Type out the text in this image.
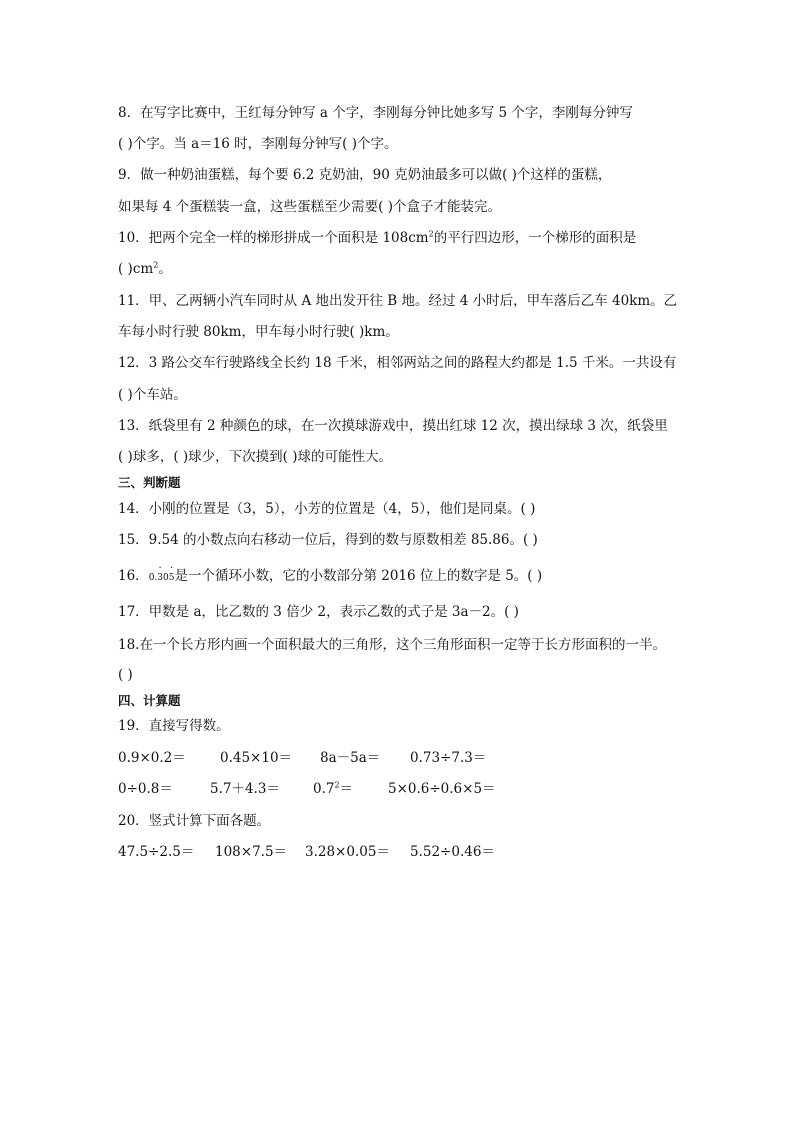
8．在写字比赛中，王红每分钟写 a 个字，李刚每分钟比她多写 5 个字，李刚每分钟写
( )个字。当 a＝16 时，李刚每分钟写( )个字。
9．做一种奶油蛋糕，每个要 6.2 克奶油，90 克奶油最多可以做( )个这样的蛋糕，
如果每 4 个蛋糕装一盒，这些蛋糕至少需要( )个盒子才能装完。
10．把两个完全一样的梯形拼成一个面积是 $108cm^2$的平行四边形，一个梯形的面积是
( )$cm^2$。
11．甲、乙两辆小汽车同时从 A 地出发开往 B 地。经过 4 小时后，甲车落后乙车 40km。乙
车每小时行驶 80km，甲车每小时行驶( )km。
12．3 路公交车行驶路线全长约 18 千米，相邻两站之间的路程大约都是 1.5 千米。一共设有
( )个车站。
13．纸袋里有 2 种颜色的球，在一次摸球游戏中，摸出红球 12 次，摸出绿球 3 次，纸袋里
( )球多，( )球少，下次摸到( )球的可能性大。
三、判断题
14．小刚的位置是（3，5），小芳的位置是（4，5），他们是同桌。( )
15．9.54 的小数点向右移动一位后，得到的数与原数相差 85.86。( )
16．0.· 30· 5是一个循环小数，它的小数部分第 2016 位上的数字是 5。( )
17．甲数是 a，比乙数的 3 倍少 2，表示乙数的式子是 3a－2。( )
18.在一个长方形内画一个面积最大的三角形，这个三角形面积一定等于长方形面积的一半。
( )
四、计算题
19．直接写得数。
0.9×0.2＝	0.45×10＝ 8a－5a＝ 0.73÷7.3＝
0÷0.8＝	$5.7+4.3= 0.7^2=$	5×0.6÷0.6×5＝
20．竖式计算下面各题。
47.5÷2.5＝ 108×7.5＝ 3.28×0.05＝ 5.52÷0.46＝
